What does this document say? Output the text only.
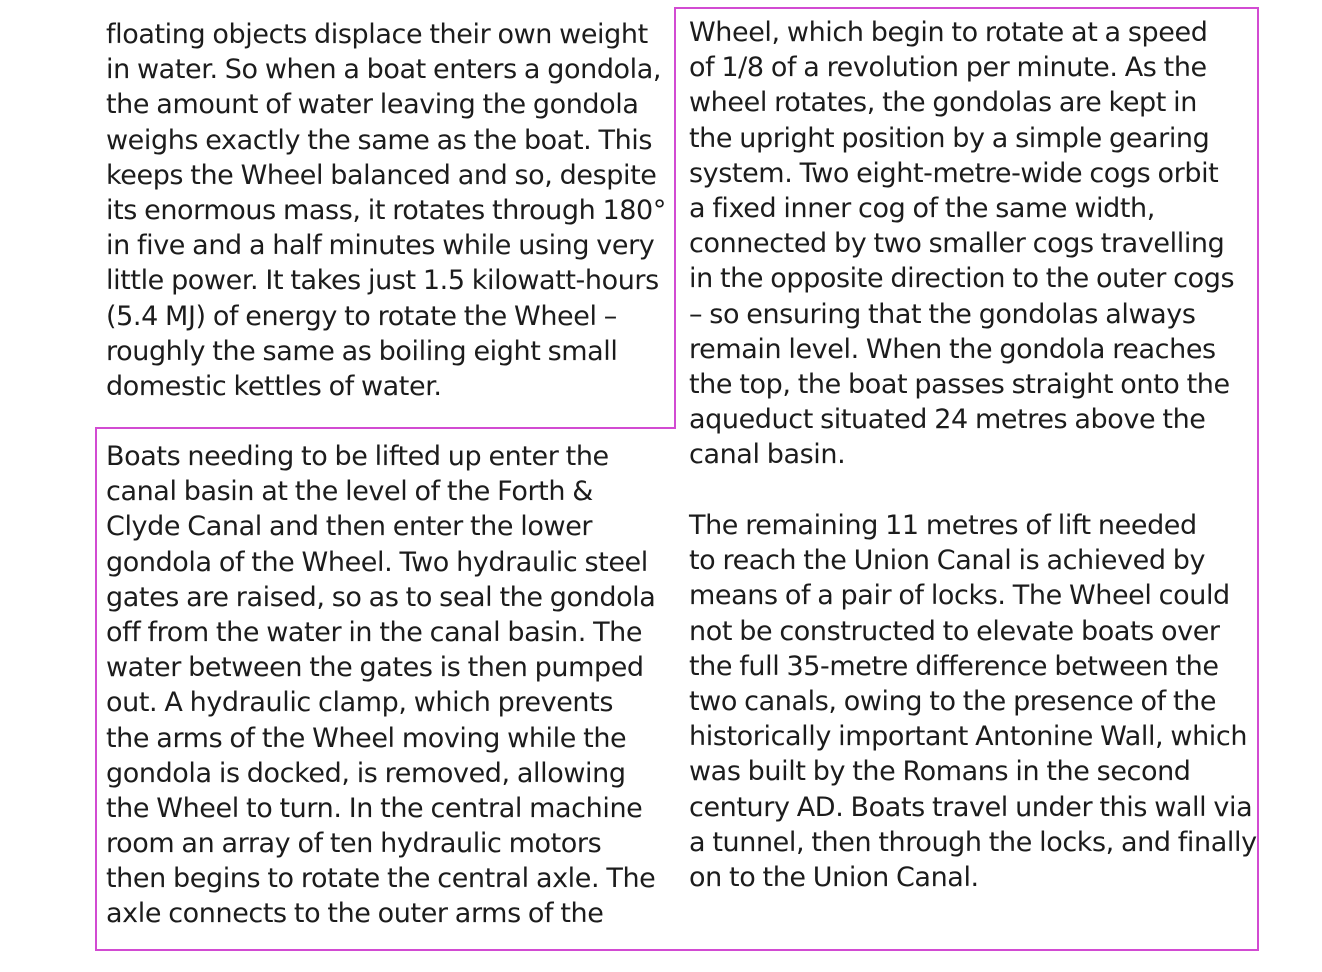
floating objects displace their own weight
in water. So when a boat enters a gondola,
the amount of water leaving the gondola
weighs exactly the same as the boat. This
keeps the Wheel balanced and so, despite
its enormous mass, it rotates through 180°
in five and a half minutes while using very
little power. It takes just 1.5 kilowatt-hours
(5.4 MJ) of energy to rotate the Wheel –
roughly the same as boiling eight small
domestic kettles of water.
Boats needing to be lifted up enter the
canal basin at the level of the Forth &
Clyde Canal and then enter the lower
gondola of the Wheel. Two hydraulic steel
gates are raised, so as to seal the gondola
off from the water in the canal basin. The
water between the gates is then pumped
out. A hydraulic clamp, which prevents
the arms of the Wheel moving while the
gondola is docked, is removed, allowing
the Wheel to turn. In the central machine
room an array of ten hydraulic motors
then begins to rotate the central axle. The
axle connects to the outer arms of the
Wheel, which begin to rotate at a speed
of 1/8 of a revolution per minute. As the
wheel rotates, the gondolas are kept in
the upright position by a simple gearing
system. Two eight-metre-wide cogs orbit
a fixed inner cog of the same width,
connected by two smaller cogs travelling
in the opposite direction to the outer cogs
– so ensuring that the gondolas always
remain level. When the gondola reaches
the top, the boat passes straight onto the
aqueduct situated 24 metres above the
canal basin.
The remaining 11 metres of lift needed
to reach the Union Canal is achieved by
means of a pair of locks. The Wheel could
not be constructed to elevate boats over
the full 35-metre difference between the
two canals, owing to the presence of the
historically important Antonine Wall, which
was built by the Romans in the second
century AD. Boats travel under this wall via
a tunnel, then through the locks, and finally
on to the Union Canal.
